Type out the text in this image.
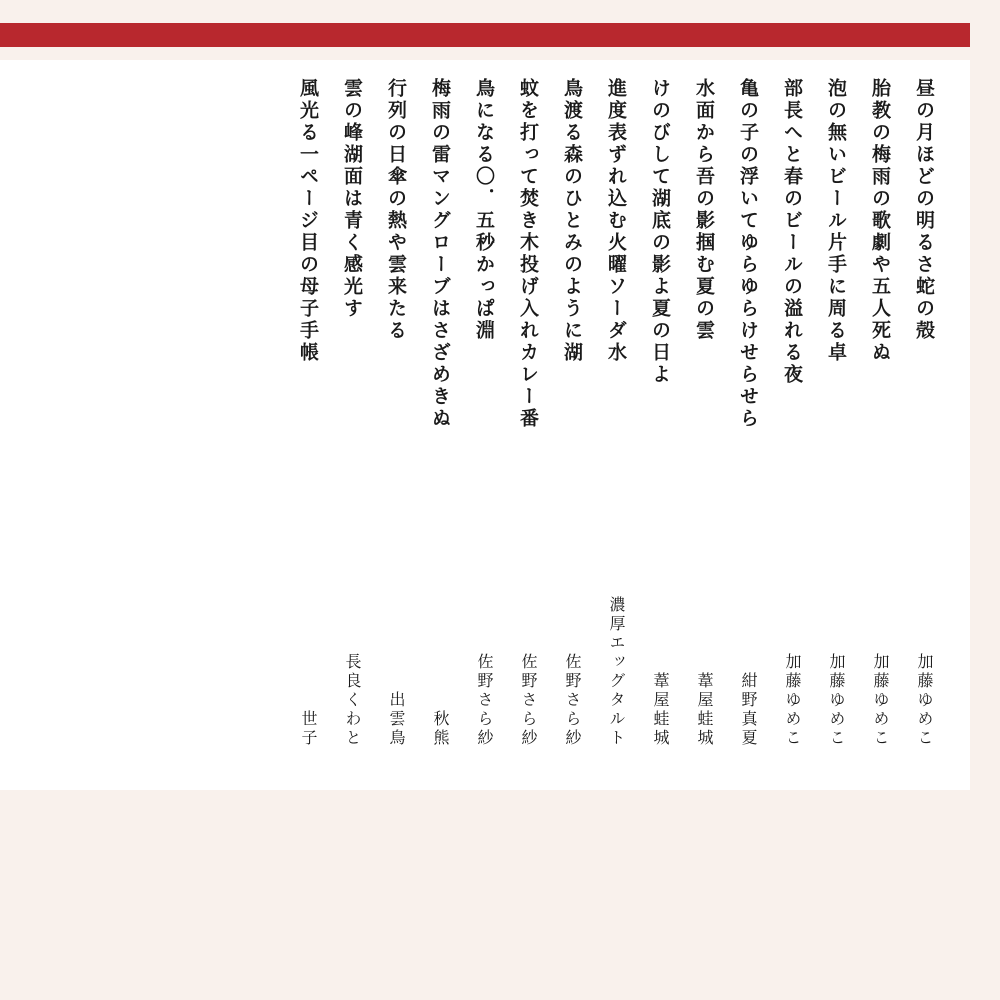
昼の月ほどの明るさ蛇の殻
加藤ゆめこ
胎教の梅雨の歌劇や五人死ぬ
加藤ゆめこ
泡の無いビール片手に周る卓
加藤ゆめこ
部長へと春のビールの溢れる夜
加藤ゆめこ
亀の子の浮いてゆらゆらけせらせら
紺野真夏
水面から吾の影掴む夏の雲
葦屋蛙城
けのびして湖底の影よ夏の日よ
葦屋蛙城
進度表ずれ込む火曜ソーダ水
濃厚エッグタルト
鳥渡る森のひとみのように湖
佐野さら紗
蚊を打って焚き木投げ入れカレー番
佐野さら紗
鳥になる〇．五秒かっぱ淵
佐野さら紗
梅雨の雷マングローブはさざめきぬ
秋熊
行列の日傘の熱や雲来たる
出雲鳥
雲の峰湖面は青く感光す
長良くわと
風光る一ページ目の母子手帳
世子
